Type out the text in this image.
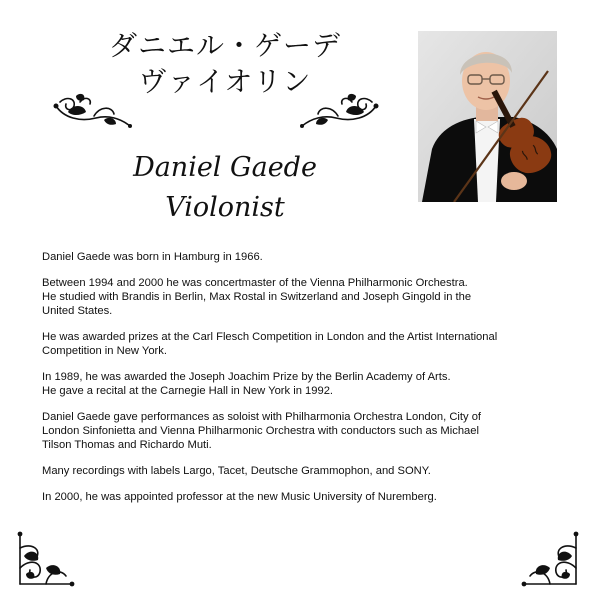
ダニエル・ゲーデ
ヴァイオリン
Daniel Gaede
Violonist

Daniel Gaede was born in Hamburg in 1966.

Between 1994 and 2000 he was concertmaster of the Vienna Philharmonic Orchestra.
He studied with Brandis in Berlin, Max Rostal in Switzerland and Joseph Gingold in the
United States.

He was awarded prizes at the Carl Flesch Competition in London and the Artist International
Competition in New York.

In 1989, he was awarded the Joseph Joachim Prize by the Berlin Academy of Arts.
He gave a recital at the Carnegie Hall in New York in 1992.

Daniel Gaede gave performances as soloist with Philharmonia Orchestra London, City of
London Sinfonietta and Vienna Philharmonic Orchestra with conductors such as Michael
Tilson Thomas and Richardo Muti.

Many recordings with labels Largo, Tacet, Deutsche Grammophon, and SONY.

In 2000, he was appointed professor at the new Music University of Nuremberg.
